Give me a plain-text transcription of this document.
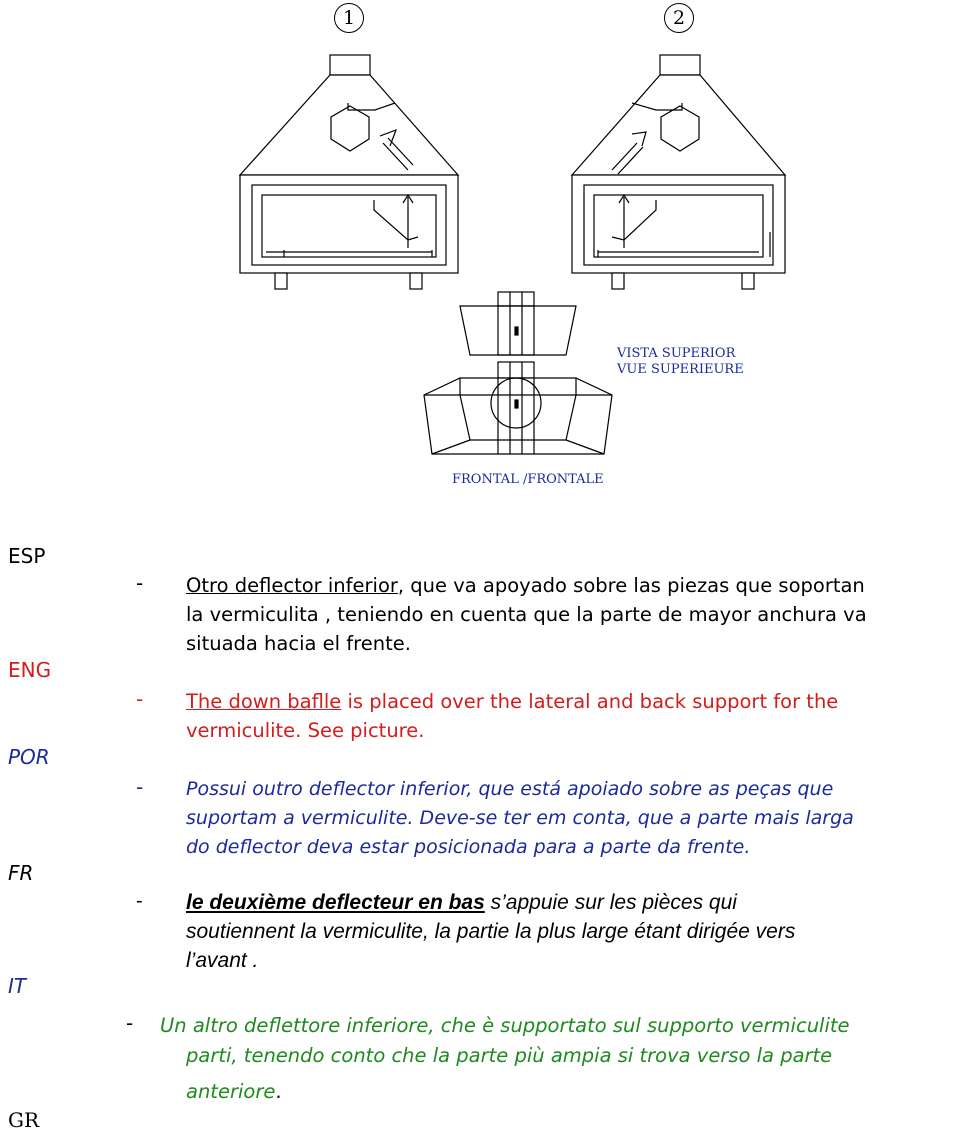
1	2
VISTA SUPERIOR
VUE SUPERIEURE
FRONTAL /FRONTALE
ESP
ENG
POR
FR
IT
GR
- Otro deflector inferior, que va apoyado sobre las piezas que soportan
la vermiculita , teniendo en cuenta que la parte de mayor anchura va
situada hacia el frente.
- The down baflle is placed over the lateral and back support for the
vermiculite. See picture.
- Possui outro deflector inferior, que está apoiado sobre as peças que
suportam a vermiculite. Deve-se ter em conta, que a parte mais larga
do deflector deva estar posicionada para a parte da frente.
- le deuxième deflecteur en bas s’appuie sur les pièces qui
soutiennent la vermiculite, la partie la plus large étant dirigée vers
l’avant .
- Un altro deflettore inferiore, che è supportato sul supporto vermiculite
parti, tenendo conto che la parte più ampia si trova verso la parte
anteriore.
